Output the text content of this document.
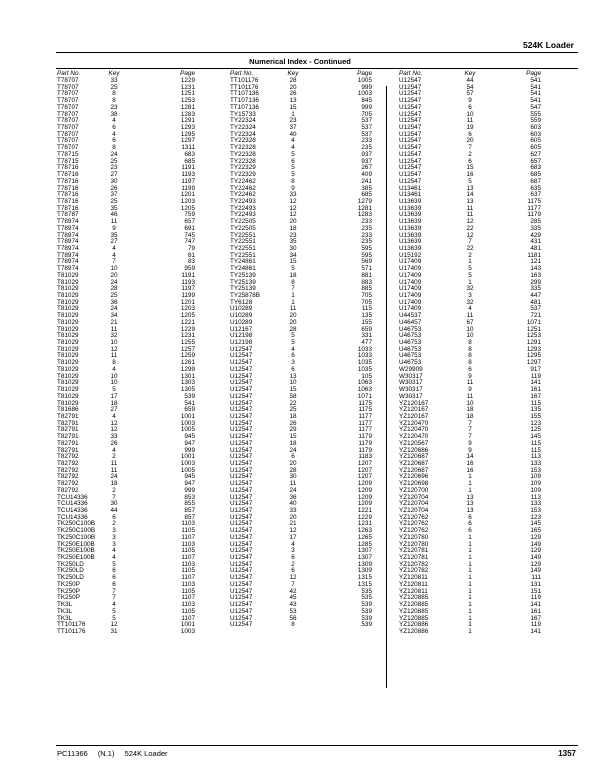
524K Loader
Numerical Index - Continued
Part No.	Key	Page
T78707	33	1229
T78707	25	1231
T78707	8	1251
T78707	8	1253
T78707	23	1281
T78707	38	1283
T78707	4	1291
T78707	6	1293
T78707	4	1295
T78707	6	1297
T78707	8	1311
T78715	24	683
T78715	25	685
T78716	23	1191
T78716	27	1193
T78716	30	1197
T78716	26	1199
T78716	37	1201
T78716	25	1203
T78716	35	1205
T78787	46	759
T78974	11	657
T78974	9	691
T78974	35	745
T78974	27	747
T78974	4	79
T78974	4	81
T78974	7	83
T78974	10	959
T81029	20	1191
T81029	24	1193
T81029	28	1197
T81029	25	1199
T81029	36	1201
T81029	24	1203
T81029	34	1205
T81029	21	1221
T81029	11	1229
T81029	32	1231
T81029	10	1255
T81029	12	1257
T81029	11	1259
T81029	8	1261
T81029	4	1299
T81029	10	1301
T81029	10	1303
T81029	5	1305
T81029	17	539
T81029	18	541
T81686	27	659
T82791	4	1001
T82791	12	1003
T82791	12	1005
T82791	33	945
T82791	26	947
T82791	4	999
T82792	2	1001
T82792	11	1003
T82792	11	1005
T82792	24	945
T82792	18	947
T82792	2	999
TCU14336	7	853
TCU14336	30	855
TCU14336	44	857
TCU14336	6	857
TK250C100B	2	1103
TK250C100B	3	1105
TK250C100B	3	1107
TK250E100B	3	1103
TK250E100B	4	1105
TK250E100B	4	1107
TK250LD	5	1103
TK250LD	6	1105
TK250LD	6	1107
TK250P	6	1103
TK250P	7	1105
TK250P	7	1107
TK3L	4	1103
TK3L	5	1105
TK3L	5	1107
TT101176	12	1001
TT101176	31	1003
Part No.	Key	Page
TT101176	28	1005
TT101176	20	999
TT107136	26	1003
TT107136	13	845
TT107136	15	999
TY15733	1	705
TY22324	23	537
TY22324	37	537
TY22324	40	537
TY22328	4	233
TY22328	4	235
TY22328	5	937
TY22328	6	937
TY22329	5	267
TY22329	5	409
TY22462	8	241
TY22462	9	385
TY22462	33	685
TY22493	12	1279
TY22493	12	1281
TY22493	12	1283
TY22505	20	233
TY22505	18	235
TY22551	23	233
TY22551	35	235
TY22551	30	595
TY22551	34	595
TY24861	15	569
TY24861	5	571
TY25139	18	881
TY25139	8	883
TY25139	7	885
TY25878B	1	705
TY6128	1	705
U10289	11	115
U10289	20	135
U10289	20	155
U12167	28	659
U12198	5	331
U12198	5	477
U12547	4	1033
U12547	6	1033
U12547	3	1035
U12547	6	1035
U12547	13	105
U12547	10	1063
U12547	15	1063
U12547	58	1071
U12547	22	1175
U12547	25	1175
U12547	18	1177
U12547	26	1177
U12547	29	1177
U12547	15	1179
U12547	18	1179
U12547	24	1179
U12547	6	1183
U12547	20	1207
U12547	28	1207
U12547	30	1207
U12547	11	1209
U12547	24	1209
U12547	36	1209
U12547	40	1209
U12547	33	1221
U12547	20	1229
U12547	21	1231
U12547	12	1263
U12547	17	1265
U12547	4	1285
U12547	3	1307
U12547	6	1307
U12547	2	1309
U12547	6	1309
U12547	12	1315
U12547	7	1315
U12547	42	535
U12547	45	535
U12547	43	539
U12547	53	539
U12547	56	539
U12547	8	539
Part No.	Key	Page
U12547	44	541
U12547	54	541
U12547	57	541
U12547	9	541
U12547	6	547
U12547	10	555
U12547	11	559
U12547	19	603
U12547	6	603
U12547	20	605
U12547	7	605
U12547	2	627
U12547	6	657
U12547	15	683
U12547	16	685
U12547	5	687
U13461	13	635
U13461	14	637
U13639	13	1175
U13639	11	1177
U13639	11	1179
U13639	12	285
U13639	22	335
U13639	12	429
U13639	7	431
U13639	22	481
U15192	2	1181
U17409	1	121
U17409	5	143
U17409	5	163
U17409	1	299
U17409	32	335
U17409	3	447
U17409	32	481
U17409	4	537
U44537	11	721
U46457	67	1071
U46753	10	1251
U46753	10	1253
U46753	8	1291
U46753	8	1293
U46753	8	1295
U46753	8	1297
W29909	6	917
W30317	9	119
W30317	11	141
W30317	9	161
W30317	11	167
YZ120167	10	115
YZ120167	18	135
YZ120167	18	155
YZ120470	7	123
YZ120470	7	125
YZ120470	7	145
YZ120567	9	115
YZ120686	9	115
YZ120687	14	113
YZ120687	16	133
YZ120687	16	153
YZ120696	1	109
YZ120698	1	109
YZ120700	1	109
YZ120704	13	113
YZ120704	13	133
YZ120704	13	153
YZ120762	6	123
YZ120762	6	145
YZ120762	6	165
YZ120780	1	129
YZ120780	1	149
YZ120781	1	129
YZ120781	1	149
YZ120782	1	129
YZ120782	1	149
YZ120811	1	111
YZ120811	1	131
YZ120811	1	151
YZ120885	1	119
YZ120885	1	141
YZ120885	1	161
YZ120885	1	167
YZ120886	1	119
YZ120886	1	141
PC11366 (N.1) 524K Loader	1357
